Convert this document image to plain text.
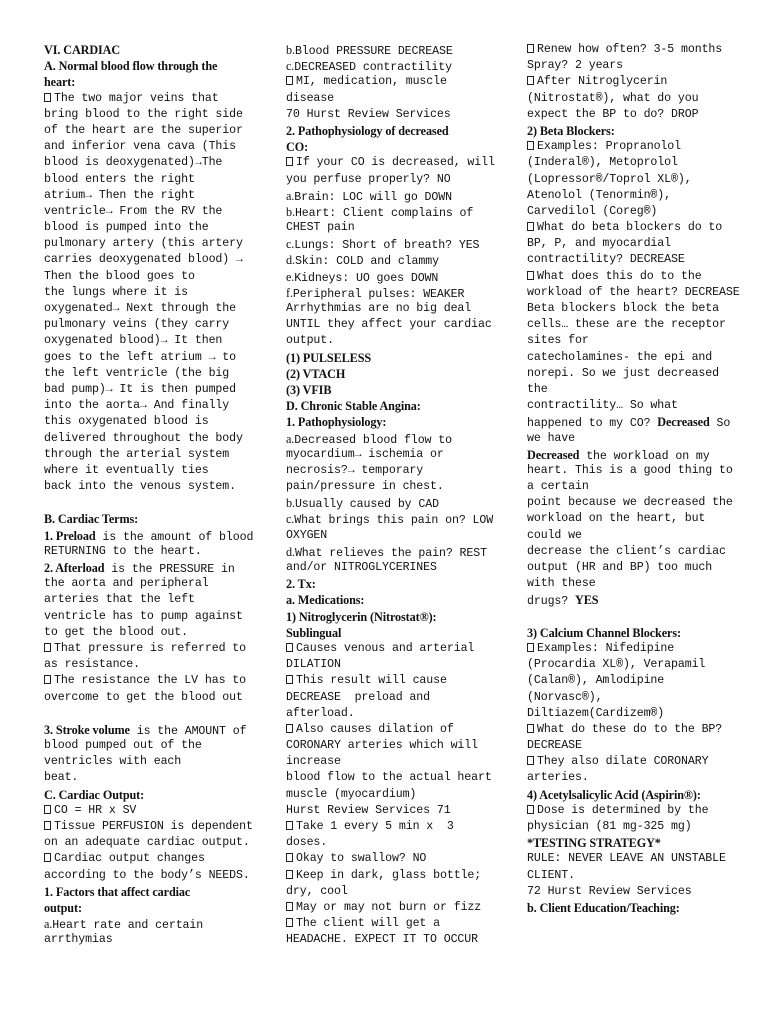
VI. CARDIAC
A. Normal blood flow through the
heart:
The two major veins that
bring blood to the right side
of the heart are the superior
and inferior vena cava (This
blood is deoxygenated)→The
blood enters the right
atrium→ Then the right
ventricle→ From the RV the
blood is pumped into the
pulmonary artery (this artery
carries deoxygenated blood) →
Then the blood goes to
the lungs where it is
oxygenated→ Next through the
pulmonary veins (they carry
oxygenated blood)→ It then
goes to the left atrium → to
the left ventricle (the big
bad pump)→ It is then pumped
into the aorta→ And finally
this oxygenated blood is
delivered throughout the body
through the arterial system
where it eventually ties
back into the venous system.
B. Cardiac Terms:
1. Preload is the amount of blood
RETURNING to the heart.
2. Afterload is the PRESSURE in
the aorta and peripheral
arteries that the left
ventricle has to pump against
to get the blood out.
That pressure is referred to
as resistance.
The resistance the LV has to
overcome to get the blood out
3. Stroke volume is the AMOUNT of
blood pumped out of the
ventricles with each
beat.
C. Cardiac Output:
CO = HR x SV
Tissue PERFUSION is dependent
on an adequate cardiac output.
Cardiac output changes
according to the body’s NEEDS.
1. Factors that affect cardiac
output:
a.Heart rate and certain
arrthymias
b.Blood PRESSURE DECREASE
c.DECREASED contractility
MI, medication, muscle
disease
70 Hurst Review Services
2. Pathophysiology of decreased
CO:
If your CO is decreased, will
you perfuse properly? NO
a.Brain: LOC will go DOWN
b.Heart: Client complains of
CHEST pain
c.Lungs: Short of breath? YES
d.Skin: COLD and clammy
e.Kidneys: UO goes DOWN
f.Peripheral pulses: WEAKER
Arrhythmias are no big deal
UNTIL they affect your cardiac
output.
(1) PULSELESS
(2) VTACH
(3) VFIB
D. Chronic Stable Angina:
1. Pathophysiology:
a.Decreased blood flow to
myocardium→ ischemia or
necrosis?→ temporary
pain/pressure in chest.
b.Usually caused by CAD
c.What brings this pain on? LOW
OXYGEN
d.What relieves the pain? REST
and/or NITROGLYCERINES
2. Tx:
a. Medications:
1) Nitroglycerin (Nitrostat®):
Sublingual
Causes venous and arterial
DILATION
This result will cause
DECREASE  preload and
afterload.
Also causes dilation of
CORONARY arteries which will
increase
blood flow to the actual heart
muscle (myocardium)
Hurst Review Services 71
Take 1 every 5 min x  3
doses.
Okay to swallow? NO
Keep in dark, glass bottle;
dry, cool
May or may not burn or fizz
The client will get a
HEADACHE. EXPECT IT TO OCCUR
Renew how often? 3-5 months
Spray? 2 years
After Nitroglycerin
(Nitrostat®), what do you
expect the BP to do? DROP
2) Beta Blockers:
Examples: Propranolol
(Inderal®), Metoprolol
(Lopressor®/Toprol XL®),
Atenolol (Tenormin®),
Carvedilol (Coreg®)
What do beta blockers do to
BP, P, and myocardial
contractility? DECREASE
What does this do to the
workload of the heart? DECREASE
Beta blockers block the beta
cells… these are the receptor
sites for
catecholamines- the epi and
norepi. So we just decreased
the
contractility… So what
happened to my CO? Decreased So
we have
Decreased the workload on my
heart. This is a good thing to
a certain
point because we decreased the
workload on the heart, but
could we
decrease the client’s cardiac
output (HR and BP) too much
with these
drugs? YES
3) Calcium Channel Blockers:
Examples: Nifedipine
(Procardia XL®), Verapamil
(Calan®), Amlodipine
(Norvasc®),
Diltiazem(Cardizem®)
What do these do to the BP?
DECREASE
They also dilate CORONARY
arteries.
4) Acetylsalicylic Acid (Aspirin®):
Dose is determined by the
physician (81 mg-325 mg)
*TESTING STRATEGY*
RULE: NEVER LEAVE AN UNSTABLE
CLIENT.
72 Hurst Review Services
b. Client Education/Teaching:
